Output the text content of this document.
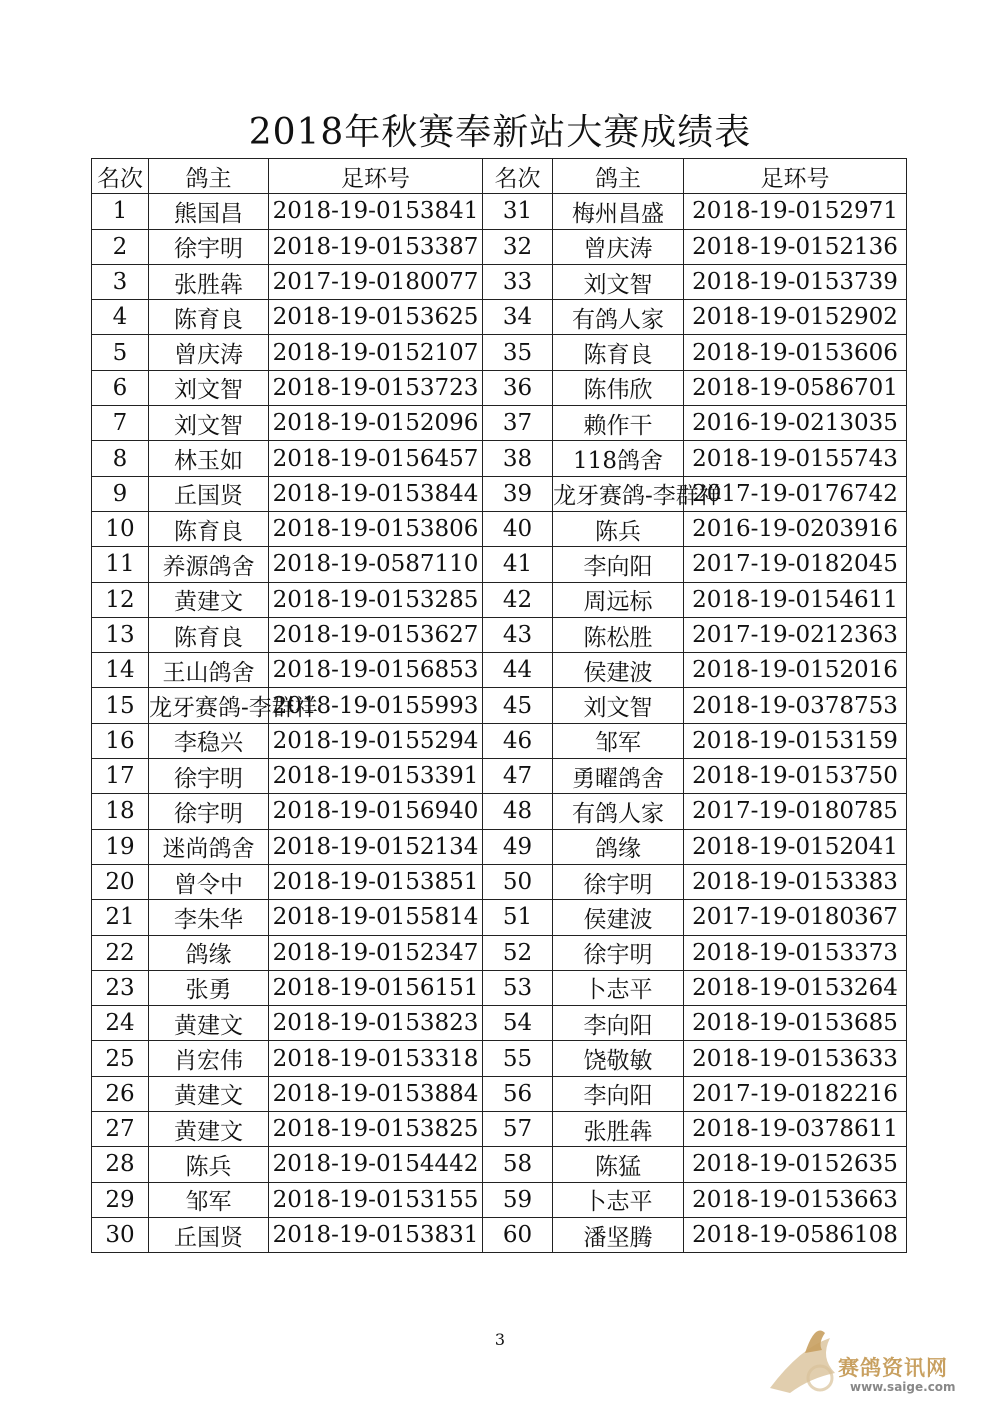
2018年秋赛奉新站大赛成绩表
名次	鸽主	足环号	名次	鸽主	足环号
1	熊国昌	2018-19-0153841	31	梅州昌盛	2018-19-0152971
2	徐宇明	2018-19-0153387	32	曾庆涛	2018-19-0152136
3	张胜犇	2017-19-0180077	33	刘文智	2018-19-0153739
4	陈育良	2018-19-0153625	34	有鸽人家	2018-19-0152902
5	曾庆涛	2018-19-0152107	35	陈育良	2018-19-0153606
6	刘文智	2018-19-0153723	36	陈伟欣	2018-19-0586701
7	刘文智	2018-19-0152096	37	赖作干	2016-19-0213035
8	林玉如	2018-19-0156457	38	118鸽舍	2018-19-0155743
9	丘国贤	2018-19-0153844	39	龙牙赛鸽-李群祥	2017-19-0176742
10	陈育良	2018-19-0153806	40	陈兵	2016-19-0203916
11	养源鸽舍	2018-19-0587110	41	李向阳	2017-19-0182045
12	黄建文	2018-19-0153285	42	周远标	2018-19-0154611
13	陈育良	2018-19-0153627	43	陈松胜	2017-19-0212363
14	王山鸽舍	2018-19-0156853	44	侯建波	2018-19-0152016
15	龙牙赛鸽-李群祥	2018-19-0155993	45	刘文智	2018-19-0378753
16	李稳兴	2018-19-0155294	46	邹军	2018-19-0153159
17	徐宇明	2018-19-0153391	47	勇曜鸽舍	2018-19-0153750
18	徐宇明	2018-19-0156940	48	有鸽人家	2017-19-0180785
19	迷尚鸽舍	2018-19-0152134	49	鸽缘	2018-19-0152041
20	曾令中	2018-19-0153851	50	徐宇明	2018-19-0153383
21	李朱华	2018-19-0155814	51	侯建波	2017-19-0180367
22	鸽缘	2018-19-0152347	52	徐宇明	2018-19-0153373
23	张勇	2018-19-0156151	53	卜志平	2018-19-0153264
24	黄建文	2018-19-0153823	54	李向阳	2018-19-0153685
25	肖宏伟	2018-19-0153318	55	饶敬敏	2018-19-0153633
26	黄建文	2018-19-0153884	56	李向阳	2017-19-0182216
27	黄建文	2018-19-0153825	57	张胜犇	2018-19-0378611
28	陈兵	2018-19-0154442	58	陈猛	2018-19-0152635
29	邹军	2018-19-0153155	59	卜志平	2018-19-0153663
30	丘国贤	2018-19-0153831	60	潘坚腾	2018-19-0586108
3
赛鸽资讯网
www.saige.com
